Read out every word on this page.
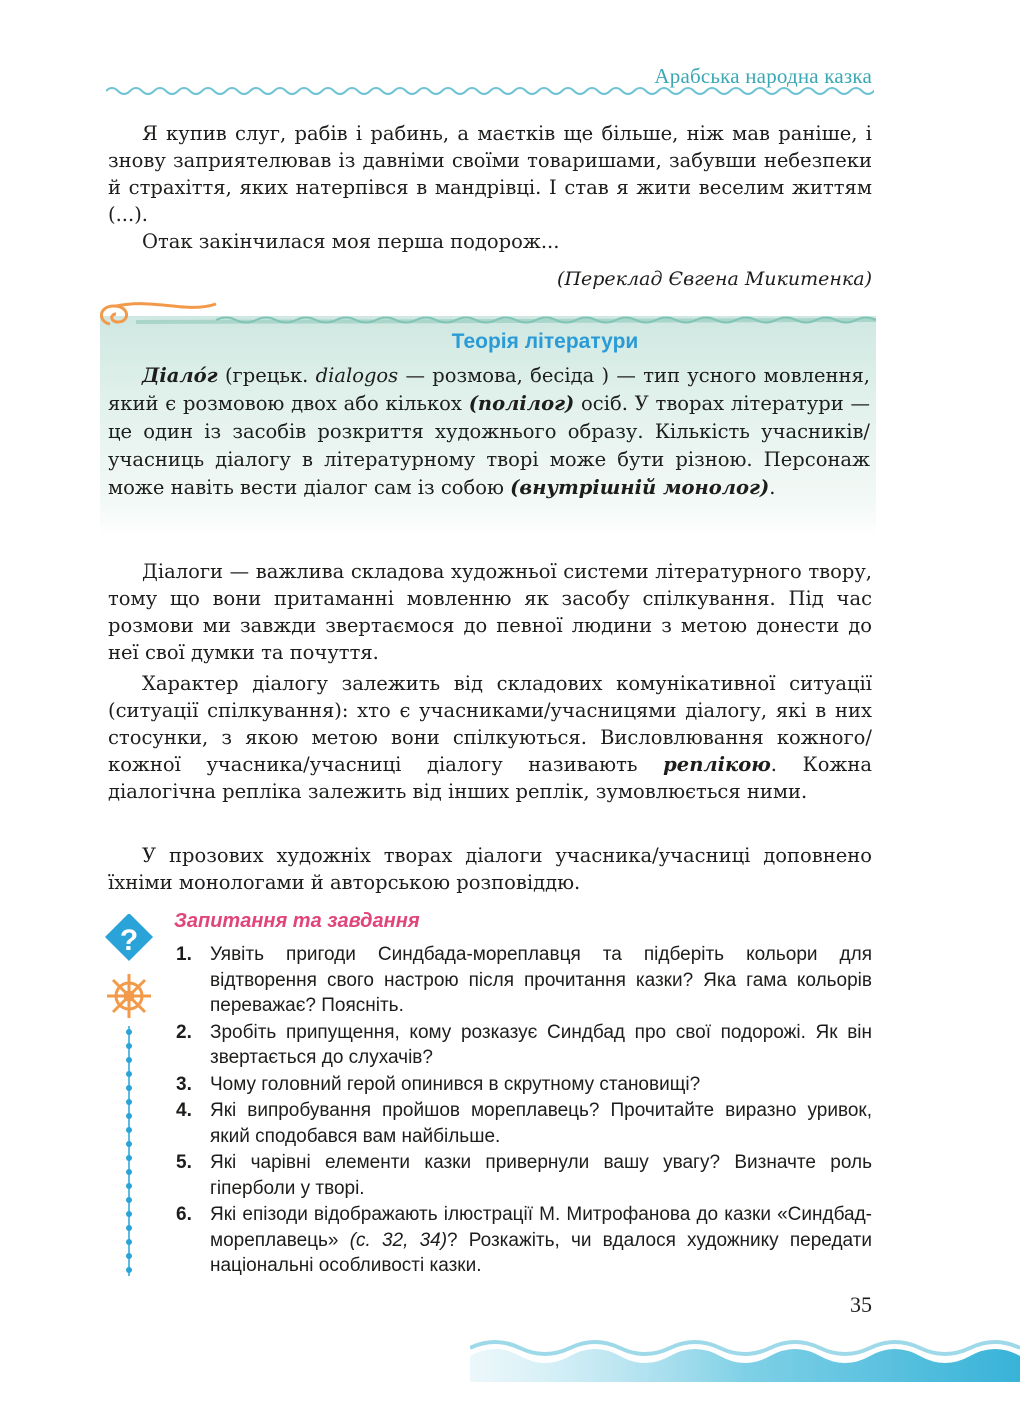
Арабська народна казка

Я купив слуг, рабів і рабинь, а маєтків ще більше, ніж мав раніше, і знову заприятелював із давніми своїми товаришами, забувши небезпеки й страхіття, яких натерпівся в мандрівці. І став я жити веселим життям (...).

Отак закінчилася моя перша подорож...

(Переклад Євгена Микитенка)
Теорія літератури

Діало́г (грецьк. dialogos — розмова, бесіда ) — тип усного мовлення, який є розмовою двох або кількох (полілог) осіб. У творах літератури — це один із засобів розкриття художнього образу. Кількість учасників/учасниць діалогу в літературному творі може бути різною. Персонаж може навіть вести діалог сам із собою (внутрішній монолог).

Діалоги — важлива складова художньої системи літературного твору, тому що вони притаманні мовленню як засобу спілкування. Під час розмови ми завжди звертаємося до певної людини з метою донести до неї свої думки та почуття.

Характер діалогу залежить від складових комунікативної ситуації (ситуації спілкування): хто є учасниками/учасницями діалогу, які в них стосунки, з якою метою вони спілкуються. Висловлювання кожного/кожної учасника/учасниці діалогу називають реплікою. Кожна діалогічна репліка залежить від інших реплік, зумовлюється ними.

У прозових художніх творах діалоги учасника/учасниці доповнено їхніми монологами й авторською розповіддю.

?
Запитання та завдання
1. Уявіть пригоди Синдбада-мореплавця та підберіть кольори для відтворення свого настрою після прочитання казки? Яка гама кольорів переважає? Поясніть.
2. Зробіть припущення, кому розказує Синдбад про свої подорожі. Як він звертається до слухачів?
3. Чому головний герой опинився в скрутному становищі?
4. Які випробування пройшов мореплавець? Прочитайте виразно уривок, який сподобався вам найбільше.
5. Які чарівні елементи казки привернули вашу увагу? Визначте роль гіперболи у творі.
6. Які епізоди відображають ілюстрації М. Митрофанова до казки «Синдбад-мореплавець» (с. 32, 34)? Розкажіть, чи вдалося художнику передати національні особливості казки.
35
